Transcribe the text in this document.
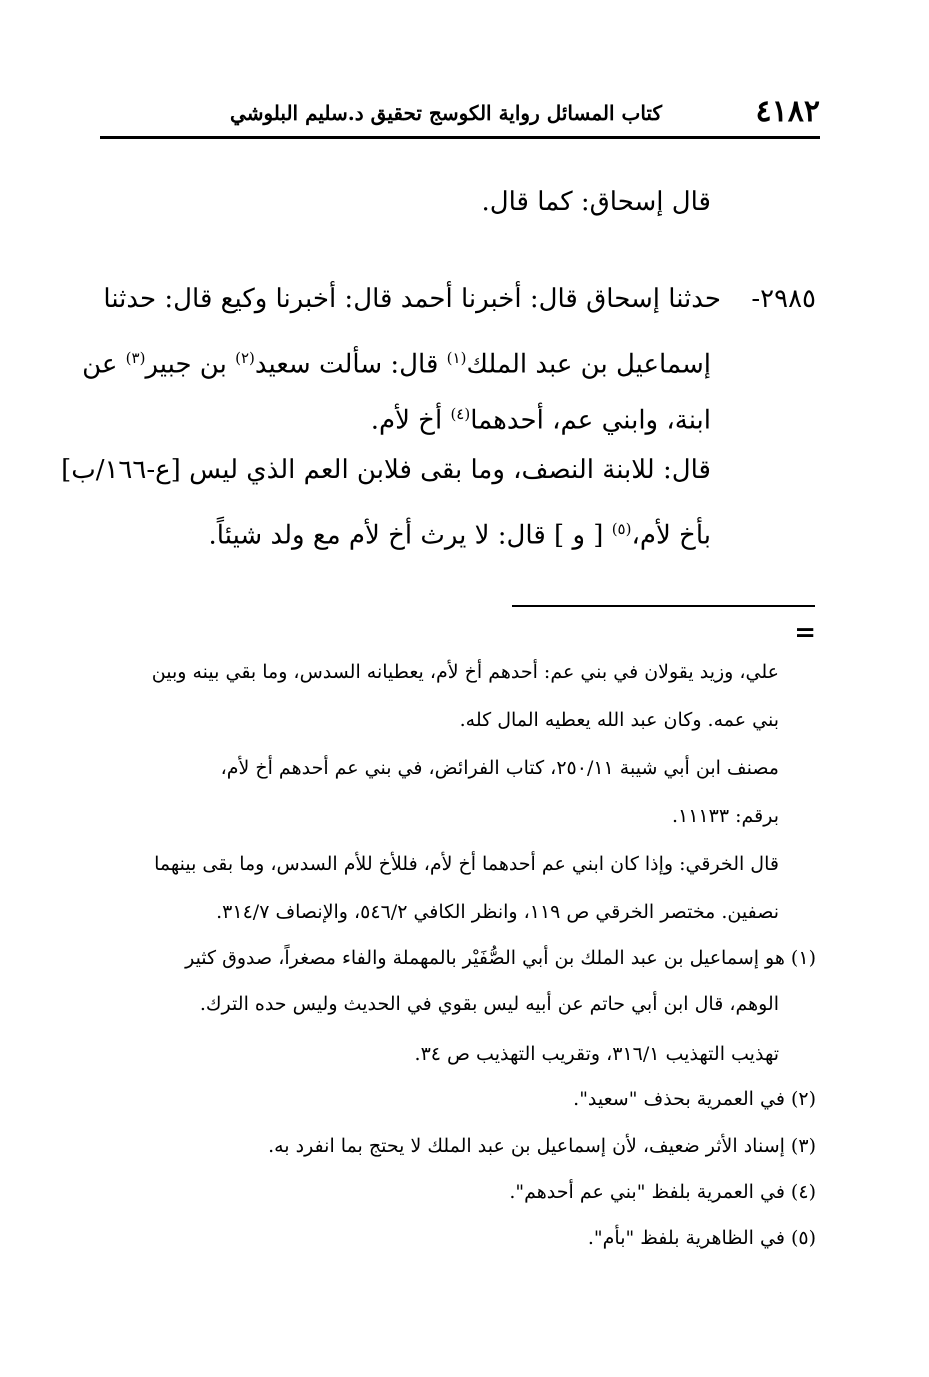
٤١٨٢
كتاب المسائل رواية الكوسج تحقيق د.سليم البلوشي
قال إسحاق: كما قال.
٢٩٨٥-
حدثنا إسحاق قال: أخبرنا أحمد قال: أخبرنا وكيع قال: حدثنا
إسماعيل بن عبد الملك$^{(١)}$ قال: سألت سعيد$^{(٢)}$ بن جبير$^{(٣)}$ عن
ابنة، وابني عم، أحدهما$^{(٤)}$ أخ لأم.
قال: للابنة النصف، وما بقى فلابن العم الذي ليس [ع-١٦٦/ب]
بأخ لأم،$^{(٥)}$ [ و ] قال: لا يرث أخ لأم مع ولد شيئاً.
=
علي، وزيد يقولان في بني عم: أحدهم أخ لأم، يعطيانه السدس، وما بقي بينه وبين
بني عمه. وكان عبد الله يعطيه المال كله.
مصنف ابن أبي شيبة ٢٥٠/١١، كتاب الفرائض، في بني عم أحدهم أخ لأم،
برقم: ١١١٣٣.
قال الخرقي: وإذا كان ابني عم أحدهما أخ لأم، فللأخ للأم السدس، وما بقى بينهما
نصفين. مختصر الخرقي ص ١١٩، وانظر الكافي ٥٤٦/٢، والإنصاف ٣١٤/٧.
(١) هو إسماعيل بن عبد الملك بن أبي الصُّفَيْر بالمهملة والفاء مصغراً، صدوق كثير
الوهم، قال ابن أبي حاتم عن أبيه ليس بقوي في الحديث وليس حده الترك.
تهذيب التهذيب ٣١٦/١، وتقريب التهذيب ص ٣٤.
(٢) في العمرية بحذف "سعيد".
(٣) إسناد الأثر ضعيف، لأن إسماعيل بن عبد الملك لا يحتج بما انفرد به.
(٤) في العمرية بلفظ "بني عم أحدهم".
(٥) في الظاهرية بلفظ "بأم".
